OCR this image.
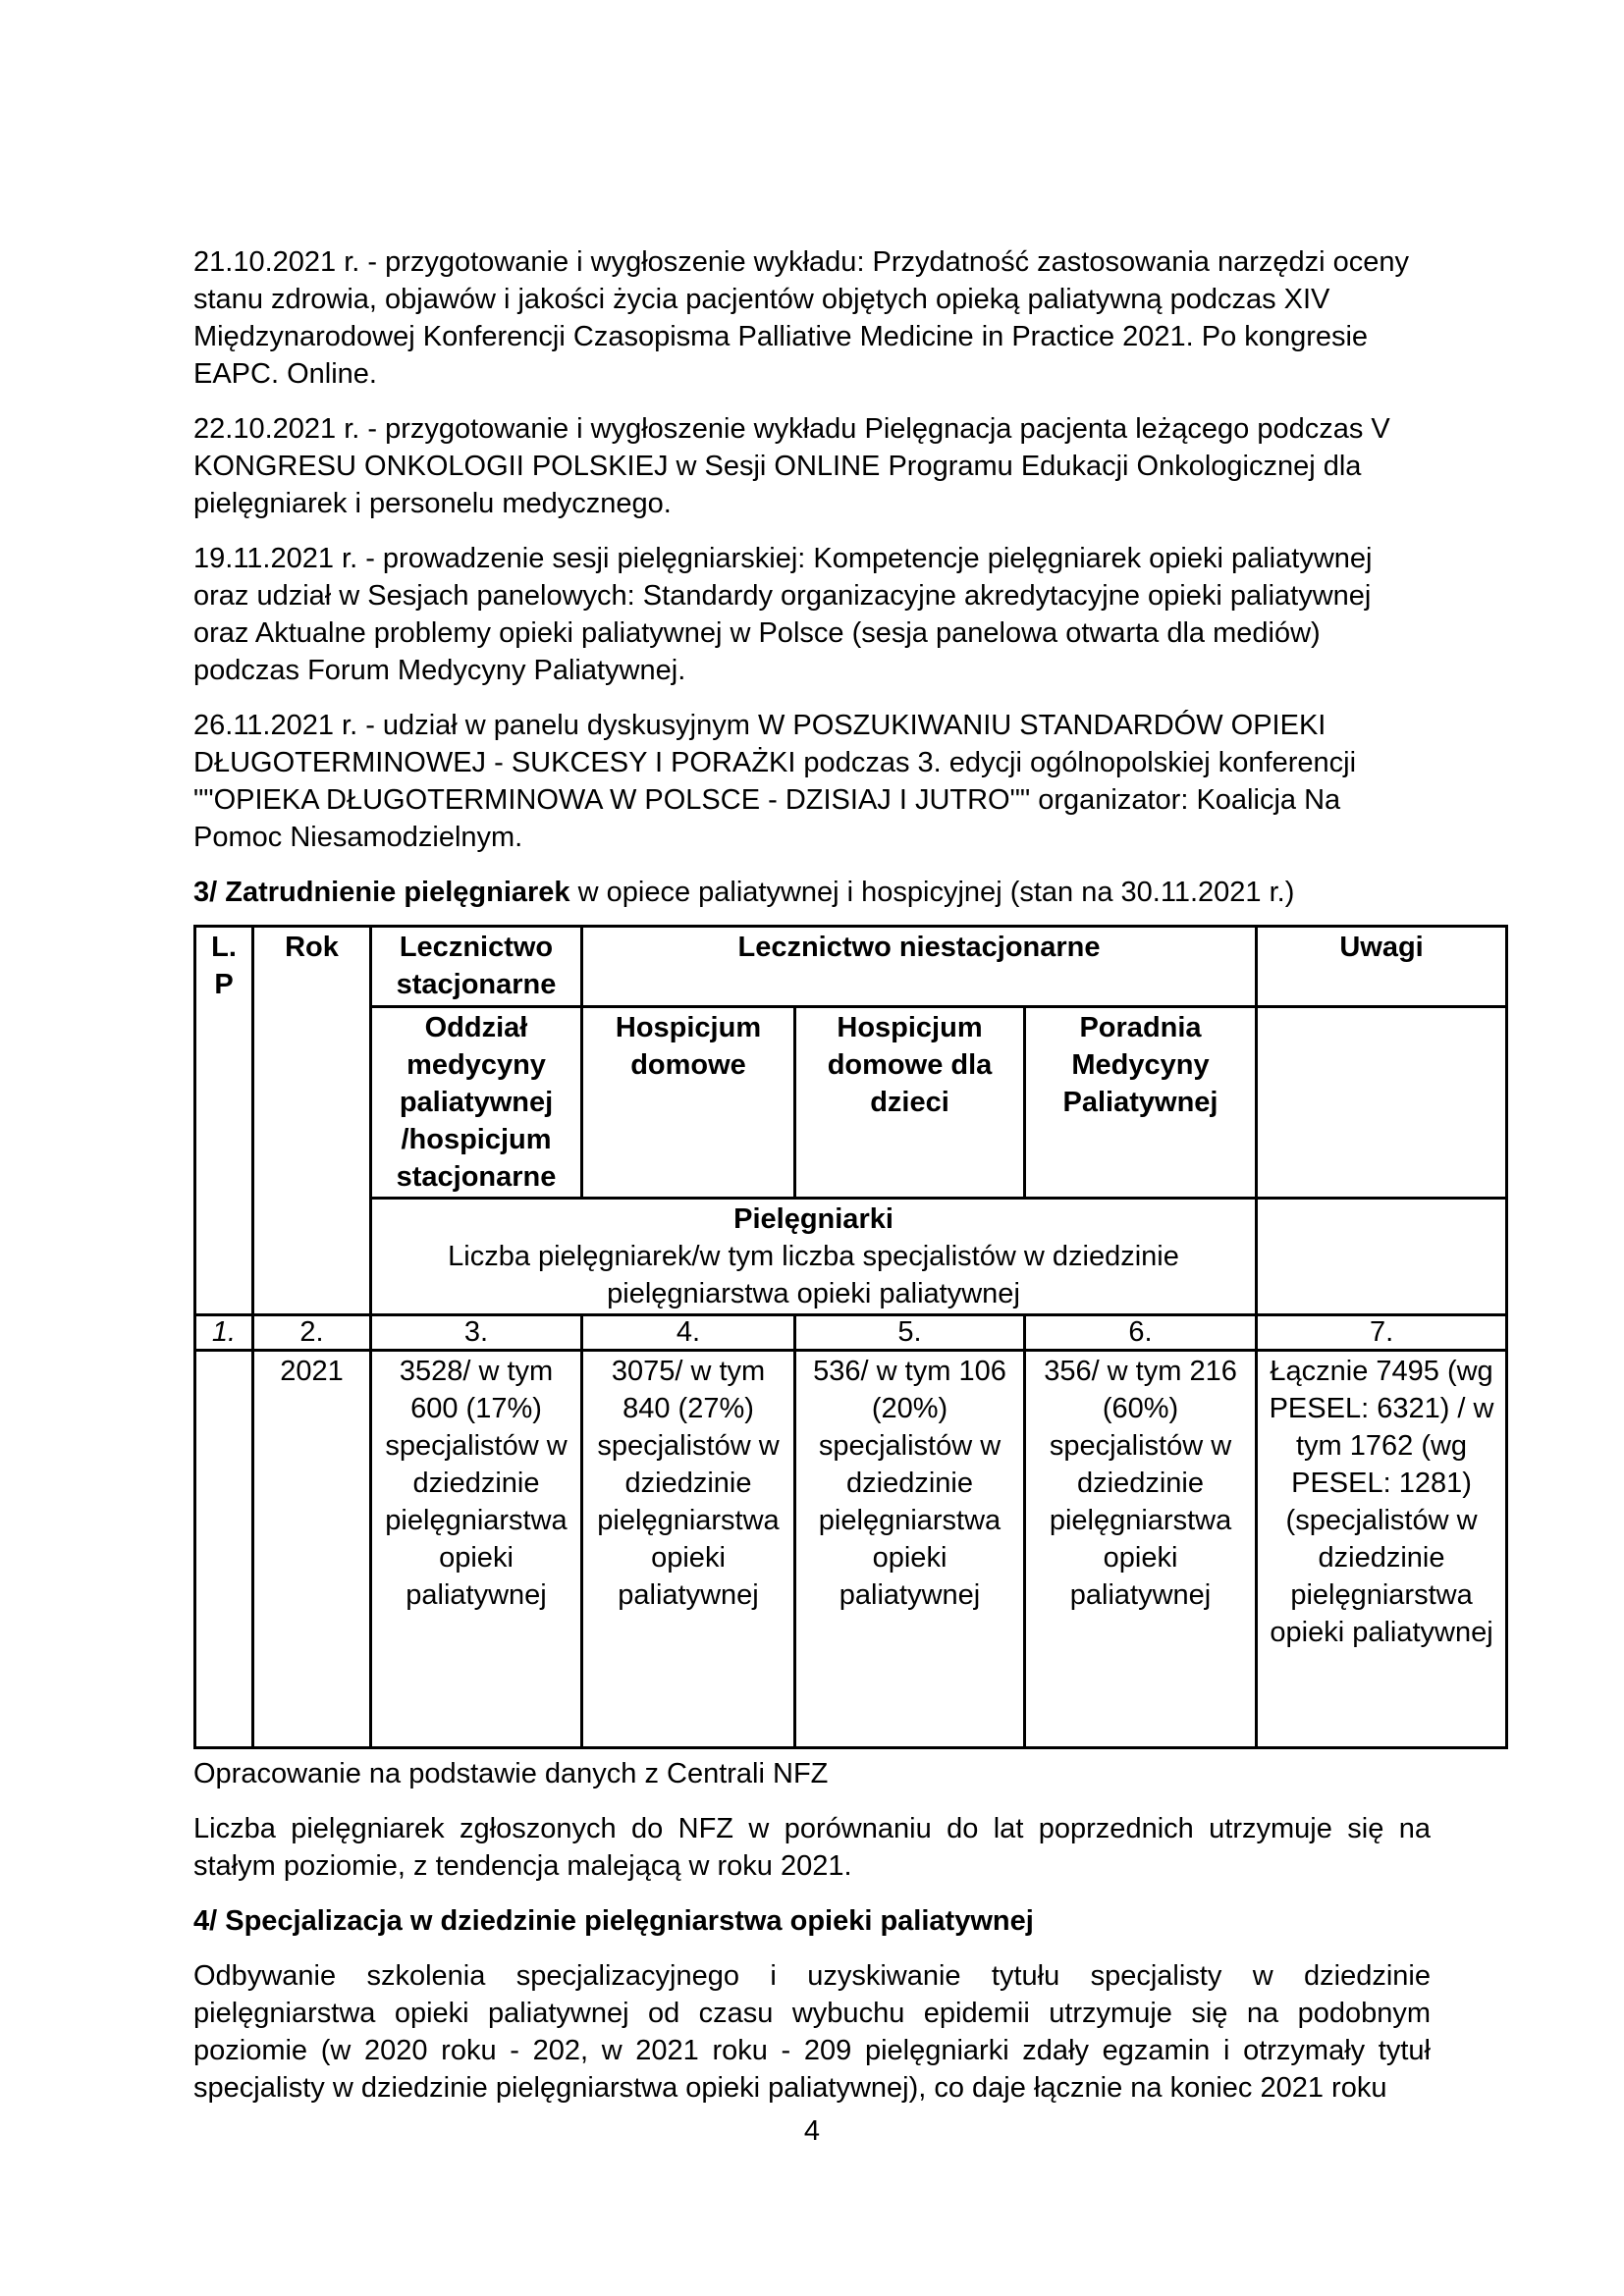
21.10.2021 r. - przygotowanie i wygłoszenie wykładu: Przydatność zastosowania narzędzi oceny stanu zdrowia, objawów i jakości życia pacjentów objętych opieką paliatywną podczas XIV Międzynarodowej Konferencji Czasopisma Palliative Medicine in Practice 2021. Po kongresie EAPC. Online.

22.10.2021 r. - przygotowanie i wygłoszenie wykładu Pielęgnacja pacjenta leżącego podczas V KONGRESU ONKOLOGII POLSKIEJ w Sesji ONLINE Programu Edukacji Onkologicznej dla pielęgniarek i personelu medycznego.

19.11.2021 r. - prowadzenie sesji pielęgniarskiej: Kompetencje pielęgniarek opieki paliatywnej oraz udział w Sesjach panelowych: Standardy organizacyjne akredytacyjne opieki paliatywnej oraz Aktualne problemy opieki paliatywnej w Polsce (sesja panelowa otwarta dla mediów) podczas Forum Medycyny Paliatywnej.

26.11.2021 r. - udział w panelu dyskusyjnym W POSZUKIWANIU STANDARDÓW OPIEKI DŁUGOTERMINOWEJ - SUKCESY I PORAŻKI podczas 3. edycji ogólnopolskiej konferencji ""OPIEKA DŁUGOTERMINOWA W POLSCE - DZISIAJ I JUTRO"" organizator: Koalicja Na Pomoc Niesamodzielnym.

3/ Zatrudnienie pielęgniarek w opiece paliatywnej i hospicyjnej (stan na 30.11.2021 r.)

L. P	Rok	Lecznictwo stacjonarne	Lecznictwo niestacjonarne			Uwagi
		Oddział medycyny paliatywnej /hospicjum stacjonarne	Hospicjum domowe	Hospicjum domowe dla dzieci	Poradnia Medycyny Paliatywnej	

		Pielęgniarki
Liczba pielęgniarek/w tym liczba specjalistów w dziedzinie pielęgniarstwa opieki paliatywnej				

1.	2.	3.	4.	5.	6.	7.
	2021	3528/ w tym 600 (17%) specjalistów w dziedzinie pielęgniarstwa opieki paliatywnej	3075/ w tym 840 (27%) specjalistów w dziedzinie pielęgniarstwa opieki paliatywnej	536/ w tym 106 (20%) specjalistów w dziedzinie pielęgniarstwa opieki paliatywnej	356/ w tym 216 (60%) specjalistów w dziedzinie pielęgniarstwa opieki paliatywnej	Łącznie 7495 (wg PESEL: 6321) / w tym 1762 (wg PESEL: 1281) (specjalistów w dziedzinie pielęgniarstwa opieki paliatywnej

Opracowanie na podstawie danych z Centrali NFZ

Liczba pielęgniarek zgłoszonych do NFZ w porównaniu do lat poprzednich utrzymuje się na stałym poziomie, z tendencja malejącą w roku 2021.

4/ Specjalizacja w dziedzinie pielęgniarstwa opieki paliatywnej

Odbywanie szkolenia specjalizacyjnego i uzyskiwanie tytułu specjalisty w dziedzinie pielęgniarstwa opieki paliatywnej od czasu wybuchu epidemii utrzymuje się na podobnym poziomie (w 2020 roku - 202, w 2021 roku - 209 pielęgniarki zdały egzamin i otrzymały tytuł specjalisty w dziedzinie pielęgniarstwa opieki paliatywnej), co daje łącznie na koniec 2021 roku

4
